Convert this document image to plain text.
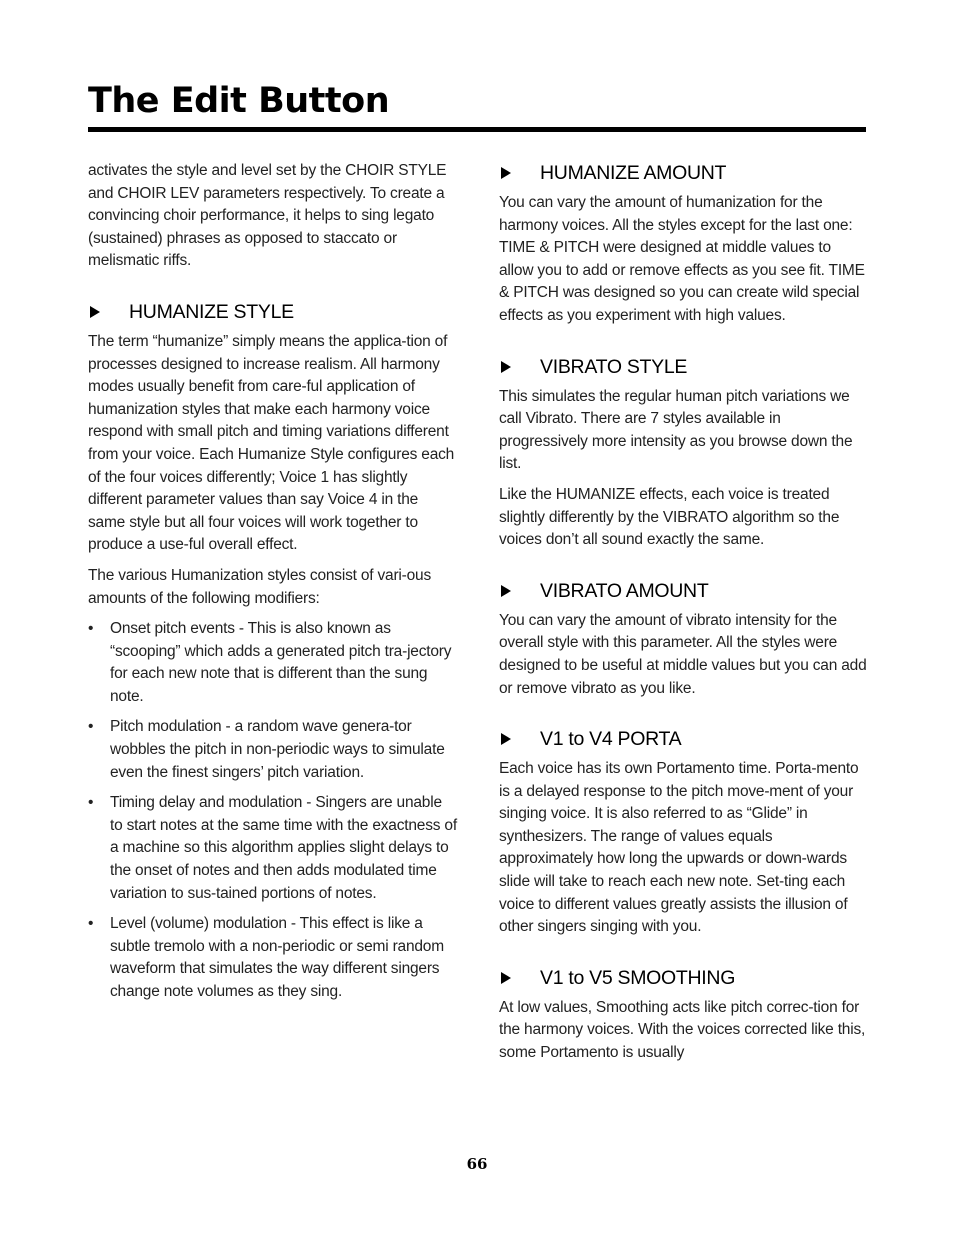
The Edit Button

activates the style and level set by the CHOIR STYLE and CHOIR LEV parameters respectively. To create a convincing choir performance, it helps to sing legato (sustained) phrases as opposed to staccato or melismatic riffs.

HUMANIZE STYLE

The term “humanize” simply means the applica-tion of processes designed to increase realism. All harmony modes usually benefit from care-ful application of humanization styles that make each harmony voice respond with small pitch and timing variations different from your voice. Each Humanize Style configures each of the four voices differently; Voice 1 has slightly different parameter values than say Voice 4 in the same style but all four voices will work together to produce a use-ful overall effect.

The various Humanization styles consist of vari-ous amounts of the following modifiers:

• Onset pitch events - This is also known as “scooping” which adds a generated pitch tra-jectory for each new note that is different than the sung note.
• Pitch modulation - a random wave genera-tor wobbles the pitch in non-periodic ways to simulate even the finest singers’ pitch variation.
• Timing delay and modulation - Singers are unable to start notes at the same time with the exactness of a machine so this algorithm applies slight delays to the onset of notes and then adds modulated time variation to sus-tained portions of notes.
• Level (volume) modulation - This effect is like a subtle tremolo with a non-periodic or semi random waveform that simulates the way different singers change note volumes as they sing.
HUMANIZE AMOUNT

You can vary the amount of humanization for the harmony voices. All the styles except for the last one: TIME & PITCH were designed at middle values to allow you to add or remove effects as you see fit. TIME & PITCH was designed so you can create wild special effects as you experiment with high values.

VIBRATO STYLE

This simulates the regular human pitch variations we call Vibrato. There are 7 styles available in progressively more intensity as you browse down the list.

Like the HUMANIZE effects, each voice is treated slightly differently by the VIBRATO algorithm so the voices don’t all sound exactly the same.

VIBRATO AMOUNT

You can vary the amount of vibrato intensity for the overall style with this parameter. All the styles were designed to be useful at middle values but you can add or remove vibrato as you like.

V1 to V4 PORTA

Each voice has its own Portamento time. Porta-mento is a delayed response to the pitch move-ment of your singing voice. It is also referred to as “Glide” in synthesizers. The range of values equals approximately how long the upwards or down-wards slide will take to reach each new note. Set-ting each voice to different values greatly assists the illusion of other singers singing with you.

V1 to V5 SMOOTHING

At low values, Smoothing acts like pitch correc-tion for the harmony voices. With the voices corrected like this, some Portamento is usually

66
